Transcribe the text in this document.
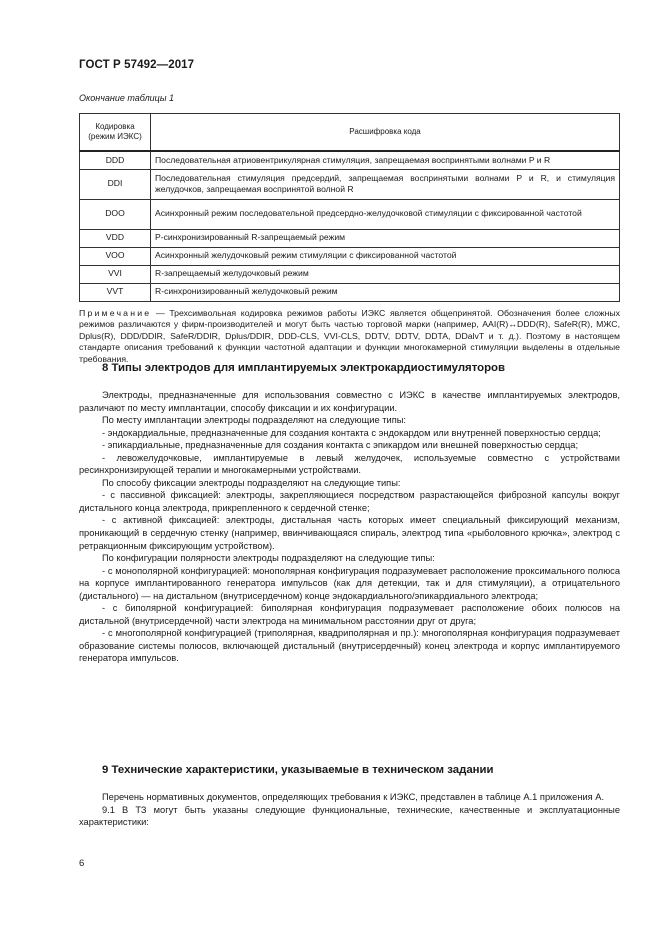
ГОСТ Р 57492—2017
Окончание таблицы 1
Кодировка (режим ИЭКС)	Расшифровка кода
DDD	Последовательная атриовентрикулярная стимуляция, запрещаемая воспринятыми волнами P и R
DDI	Последовательная стимуляция предсердий, запрещаемая воспринятыми волнами P и R, и стимуляция желудочков, запрещаемая воспринятой волной R
DOO	Асинхронный режим последовательной предсердно-желудочковой стимуляции с фиксированной частотой
VDD	P-синхронизированный R-запрещаемый режим
VOO	Асинхронный желудочковый режим стимуляции с фиксированной частотой
VVI	R-запрещаемый желудочковый режим
VVT	R-синхронизированный желудочковый режим
Примечание — Трехсимвольная кодировка режимов работы ИЭКС является общепринятой. Обозначения более сложных режимов различаются у фирм-производителей и могут быть частью торговой марки (например, AAI(R)↔DDD(R), SafeR(R), МЖС, Dplus(R), DDD/DDIR, SafeR/DDIR, Dplus/DDIR, DDD-CLS, VVI-CLS, DDTV, DDTV, DDTA, DDalvT и т. д.). Поэтому в настоящем стандарте описания требований к функции частотной адаптации и функции многокамерной стимуляции выделены в отдельные требования.
8 Типы электродов для имплантируемых электрокардиостимуляторов

Электроды, предназначенные для использования совместно с ИЭКС в качестве имплантируемых электродов, различают по месту имплантации, способу фиксации и их конфигурации.

По месту имплантации электроды подразделяют на следующие типы:

- эндокардиальные, предназначенные для создания контакта с эндокардом или внутренней поверхностью сердца;

- эпикардиальные, предназначенные для создания контакта с эпикардом или внешней поверхностью сердца;

- левожелудочковые, имплантируемые в левый желудочек, используемые совместно с устройствами ресинхронизирующей терапии и многокамерными устройствами.

По способу фиксации электроды подразделяют на следующие типы:

- с пассивной фиксацией: электроды, закрепляющиеся посредством разрастающейся фиброзной капсулы вокруг дистального конца электрода, прикрепленного к сердечной стенке;

- с активной фиксацией: электроды, дистальная часть которых имеет специальный фиксирующий механизм, проникающий в сердечную стенку (например, ввинчивающаяся спираль, электрод типа «рыболовного крючка», электрод с ретракционным фиксирующим устройством).

По конфигурации полярности электроды подразделяют на следующие типы:

- с монополярной конфигурацией: монополярная конфигурация подразумевает расположение проксимального полюса на корпусе имплантированного генератора импульсов (как для детекции, так и для стимуляции), а отрицательного (дистального) — на дистальном (внутрисердечном) конце эндокардиального/эпикардиального электрода;

- с биполярной конфигурацией: биполярная конфигурация подразумевает расположение обоих полюсов на дистальной (внутрисердечной) части электрода на минимальном расстоянии друг от друга;

- с многополярной конфигурацией (триполярная, квадриполярная и пр.): многополярная конфигурация подразумевает образование системы полюсов, включающей дистальный (внутрисердечный) конец электрода и корпус имплантируемого генератора импульсов.

9 Технические характеристики, указываемые в техническом задании

Перечень нормативных документов, определяющих требования к ИЭКС, представлен в таблице А.1 приложения А.

9.1 В ТЗ могут быть указаны следующие функциональные, технические, качественные и эксплуатационные характеристики:

6
